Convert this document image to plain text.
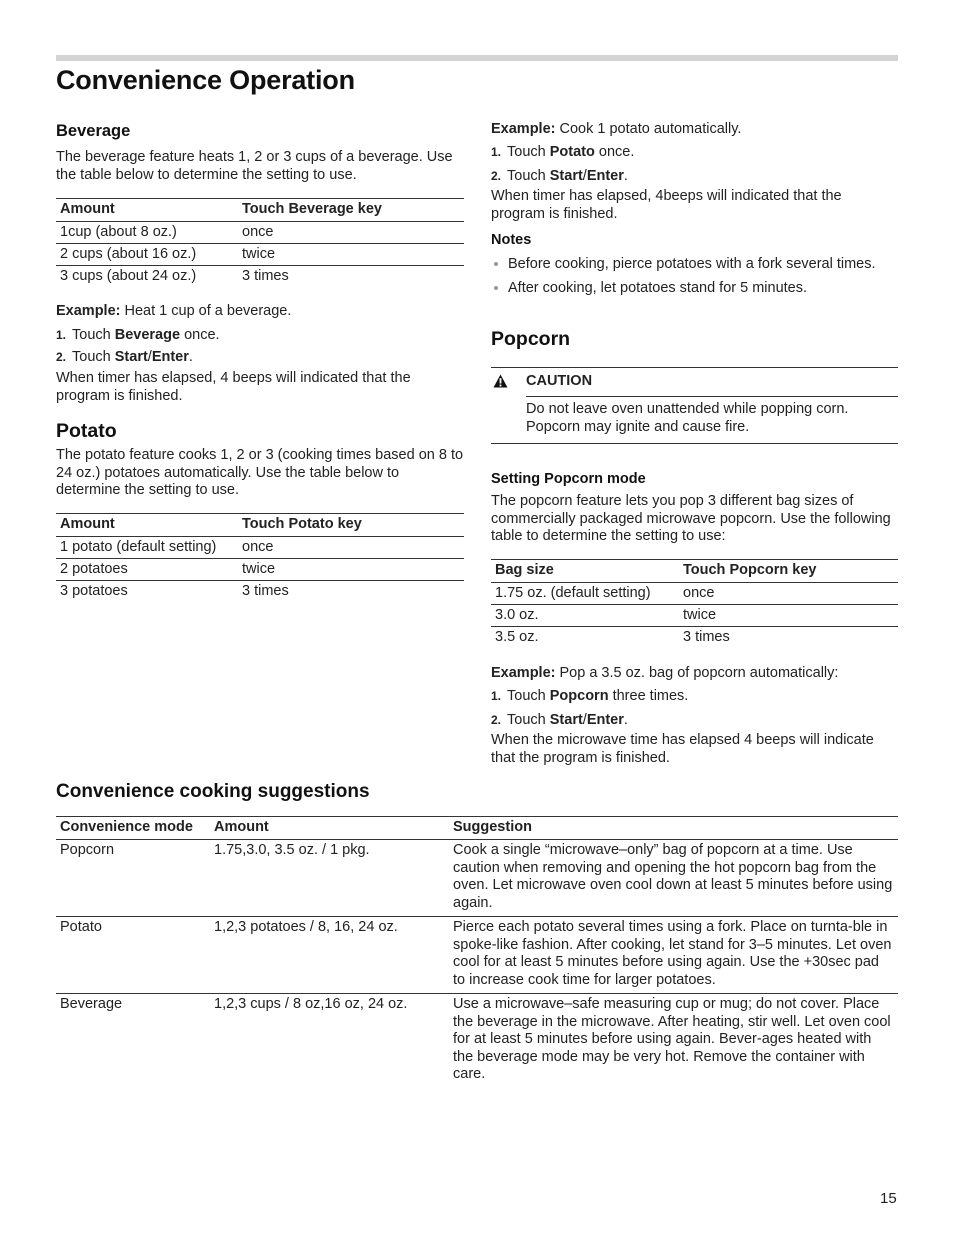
Convenience Operation
Beverage

The beverage feature heats 1, 2 or 3 cups of a beverage. Use the table below to determine the setting to use.

Amount	Touch Beverage key
1cup (about 8 oz.)	once
2 cups (about 16 oz.)	twice
3 cups (about 24 oz.)	3 times

Example: Heat 1 cup of a beverage.

1. Touch Beverage once.

2. Touch Start/Enter.

When timer has elapsed, 4 beeps will indicated that the program is finished.

Potato

The potato feature cooks 1, 2 or 3 (cooking times based on 8 to 24 oz.) potatoes automatically. Use the table below to determine the setting to use.

Amount	Touch Potato key
1 potato (default setting)	once
2 potatoes	twice
3 potatoes	3 times

Example: Cook 1 potato automatically.

1. Touch Potato once.

2. Touch Start/Enter.

When timer has elapsed, 4beeps will indicated that the program is finished.

Notes

Before cooking, pierce potatoes with a fork several times.
After cooking, let potatoes stand for 5 minutes.
Popcorn
CAUTION
Do not leave oven unattended while popping corn. Popcorn may ignite and cause fire.

Setting Popcorn mode

The popcorn feature lets you pop 3 different bag sizes of commercially packaged microwave popcorn. Use the following table to determine the setting to use:

Bag size	Touch Popcorn key
1.75 oz. (default setting)	once
3.0 oz.	twice
3.5 oz.	3 times

Example: Pop a 3.5 oz. bag of popcorn automatically:

1. Touch Popcorn three times.

2. Touch Start/Enter.

When the microwave time has elapsed 4 beeps will indicate that the program is finished.

Convenience cooking suggestions
Convenience mode	Amount	Suggestion
Popcorn	1.75,3.0, 3.5 oz. / 1 pkg.	Cook a single “microwave–only” bag of popcorn at a time. Use caution when removing and opening the hot popcorn bag from the oven. Let microwave oven cool down at least 5 minutes before using again.
Potato	1,2,3 potatoes / 8, 16, 24 oz.	Pierce each potato several times using a fork. Place on turnta-ble in spoke-like fashion. After cooking, let stand for 3–5 minutes. Let oven cool for at least 5 minutes before using again. Use the +30sec pad to increase cook time for larger potatoes.
Beverage	1,2,3 cups / 8 oz,16 oz, 24 oz.	Use a microwave–safe measuring cup or mug; do not cover. Place the beverage in the microwave. After heating, stir well. Let oven cool for at least 5 minutes before using again. Bever-ages heated with the beverage mode may be very hot. Remove the container with care.
15
